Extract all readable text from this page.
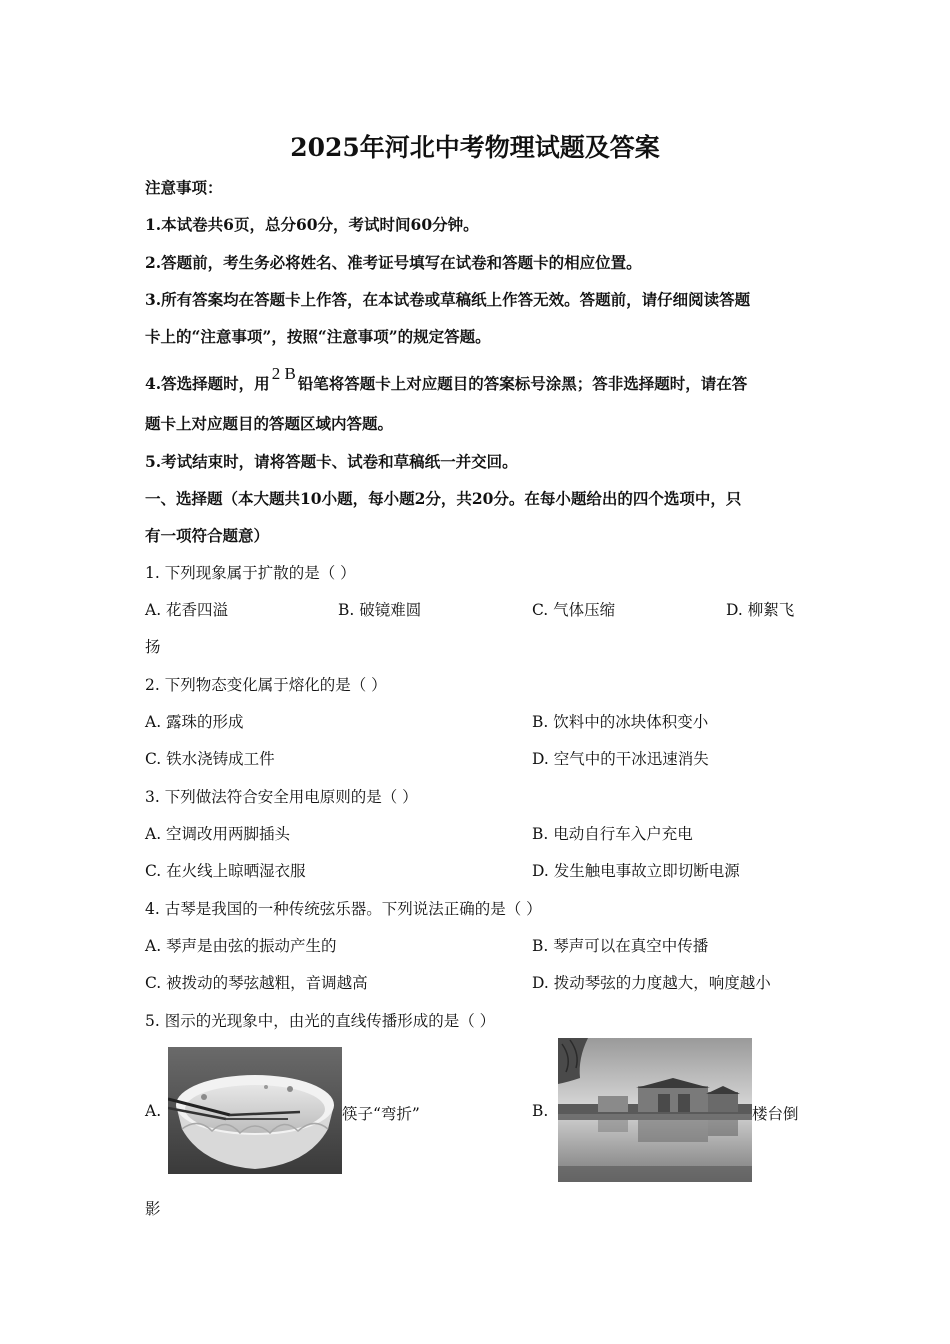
2025年河北中考物理试题及答案
注意事项：
1.本试卷共6页，总分60分，考试时间60分钟。
2.答题前，考生务必将姓名、准考证号填写在试卷和答题卡的相应位置。
3.所有答案均在答题卡上作答，在本试卷或草稿纸上作答无效。答题前，请仔细阅读答题
卡上的“注意事项”，按照“注意事项”的规定答题。
4.答选择题时，用2 B铅笔将答题卡上对应题目的答案标号涂黑；答非选择题时，请在答
题卡上对应题目的答题区域内答题。
5.考试结束时，请将答题卡、试卷和草稿纸一并交回。
一、选择题（本大题共10小题，每小题2分，共20分。在每小题给出的四个选项中，只
有一项符合题意）
1. 下列现象属于扩散的是（ ）
A. 花香四溢	B. 破镜难圆	C. 气体压缩	D. 柳絮飞
扬
2. 下列物态变化属于熔化的是（ ）
A. 露珠的形成	B. 饮料中的冰块体积变小
C. 铁水浇铸成工件	D. 空气中的干冰迅速消失
3. 下列做法符合安全用电原则的是（ ）
A. 空调改用两脚插头	B. 电动自行车入户充电
C. 在火线上晾晒湿衣服	D. 发生触电事故立即切断电源
4. 古琴是我国的一种传统弦乐器。下列说法正确的是（ ）
A. 琴声是由弦的振动产生的	B. 琴声可以在真空中传播
C. 被拨动的琴弦越粗，音调越高	D. 拨动琴弦的力度越大，响度越小
5. 图示的光现象中，由光的直线传播形成的是（ ）
A.	筷子“弯折”	B.	楼台倒
影
